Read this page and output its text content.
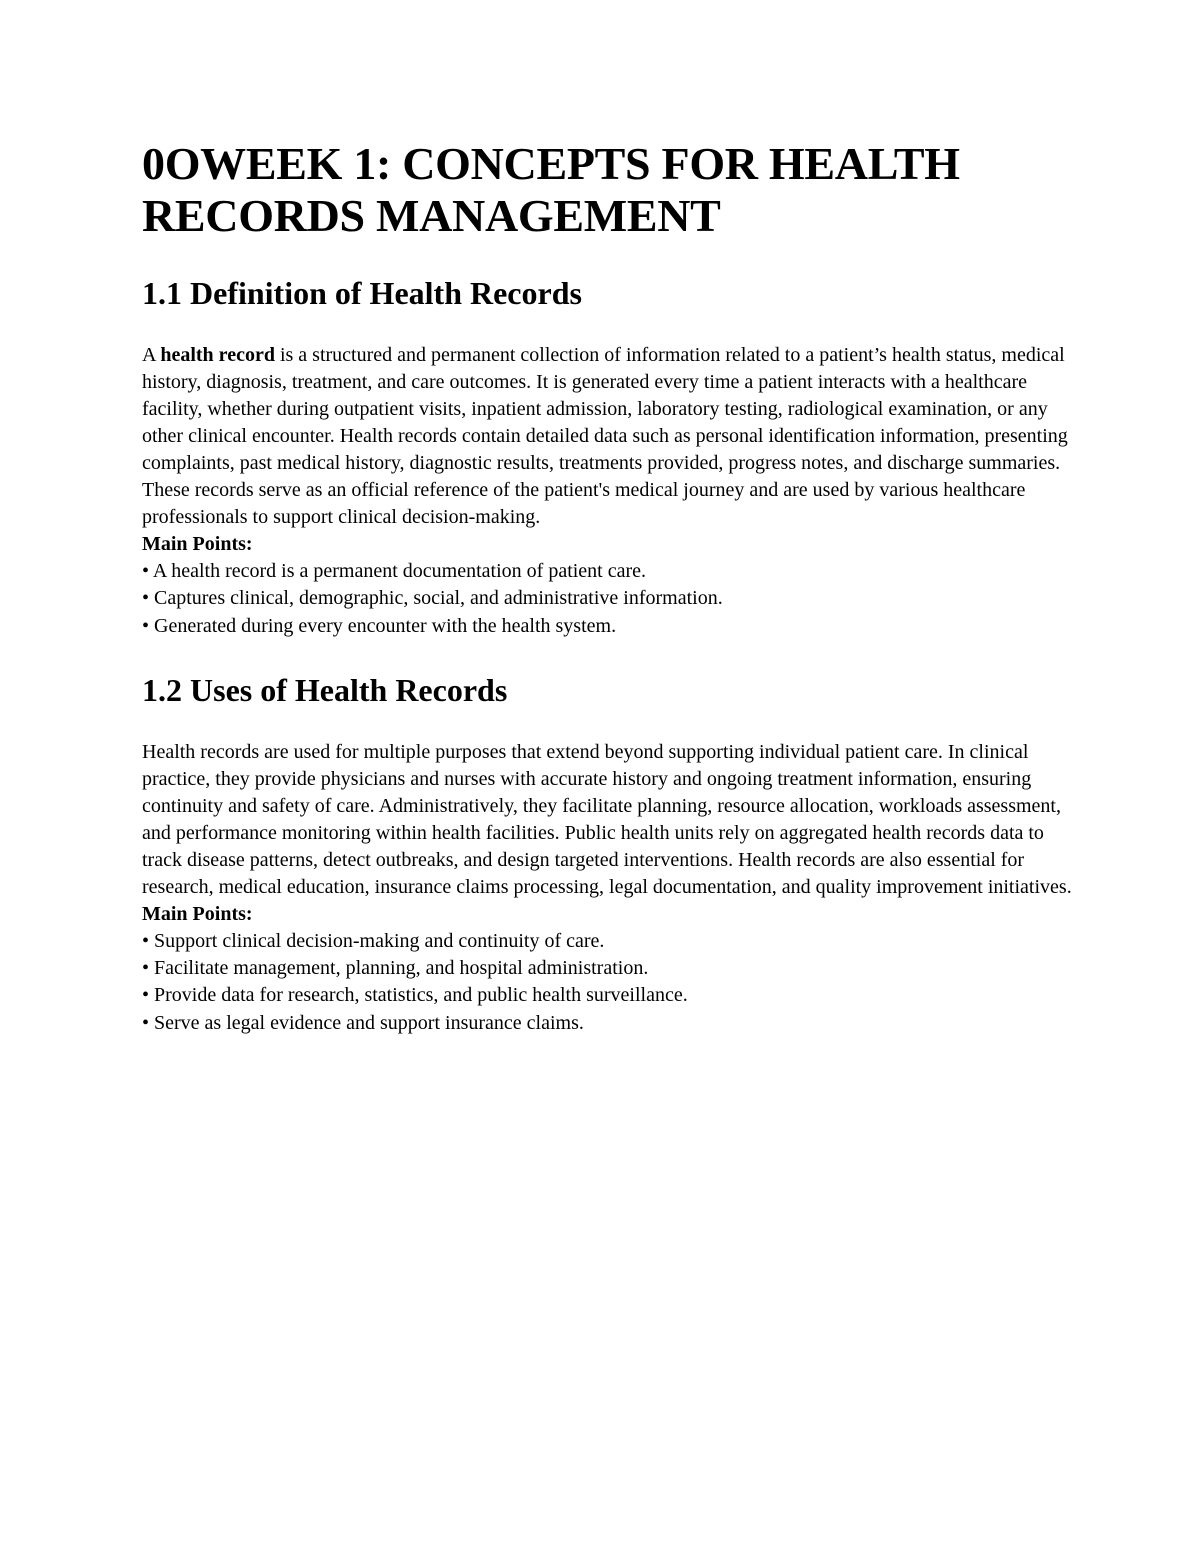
0OWEEK 1: CONCEPTS FOR HEALTH RECORDS MANAGEMENT
1.1 Definition of Health Records

A health record is a structured and permanent collection of information related to a patient’s health status, medical history, diagnosis, treatment, and care outcomes. It is generated every time a patient interacts with a healthcare facility, whether during outpatient visits, inpatient admission, laboratory testing, radiological examination, or any other clinical encounter. Health records contain detailed data such as personal identification information, presenting complaints, past medical history, diagnostic results, treatments provided, progress notes, and discharge summaries. These records serve as an official reference of the patient's medical journey and are used by various healthcare professionals to support clinical decision-making.

Main Points:

• A health record is a permanent documentation of patient care.

• Captures clinical, demographic, social, and administrative information.

• Generated during every encounter with the health system.

1.2 Uses of Health Records

Health records are used for multiple purposes that extend beyond supporting individual patient care. In clinical practice, they provide physicians and nurses with accurate history and ongoing treatment information, ensuring continuity and safety of care. Administratively, they facilitate planning, resource allocation, workloads assessment, and performance monitoring within health facilities. Public health units rely on aggregated health records data to track disease patterns, detect outbreaks, and design targeted interventions. Health records are also essential for research, medical education, insurance claims processing, legal documentation, and quality improvement initiatives.

Main Points:

• Support clinical decision-making and continuity of care.

• Facilitate management, planning, and hospital administration.

• Provide data for research, statistics, and public health surveillance.

• Serve as legal evidence and support insurance claims.
